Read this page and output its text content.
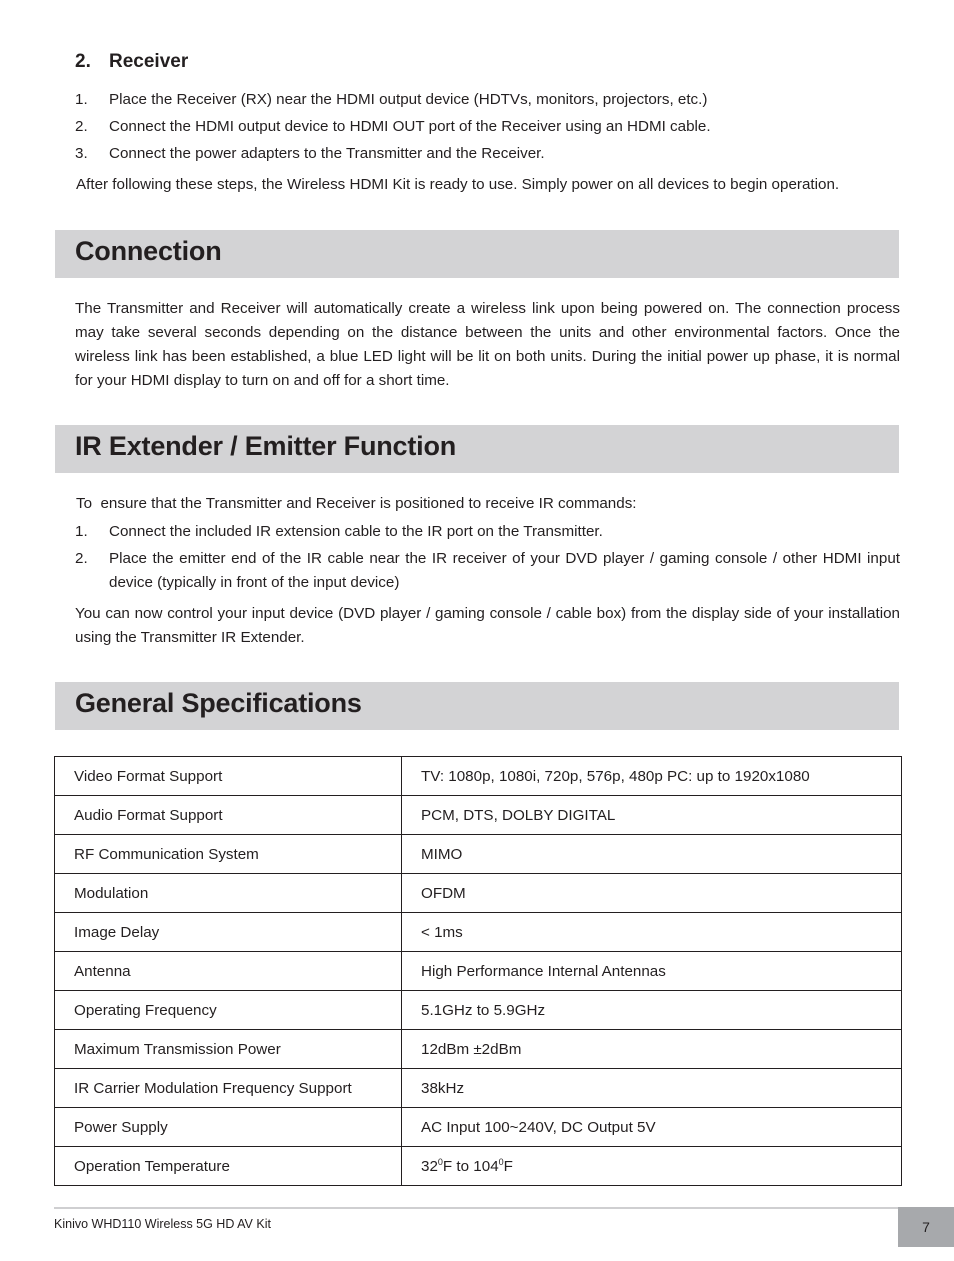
2. Receiver
1. Place the Receiver (RX) near the HDMI output device (HDTVs, monitors, projectors, etc.)
2. Connect the HDMI output device to HDMI OUT port of the Receiver using an HDMI cable.
3. Connect the power adapters to the Transmitter and the Receiver.
After following these steps, the Wireless HDMI Kit is ready to use. Simply power on all devices to begin operation.
Connection
The Transmitter and Receiver will automatically create a wireless link upon being powered on. The connection process may take several seconds depending on the distance between the units and other environmental factors. Once the wireless link has been established, a blue LED light will be lit on both units. During the initial power up phase, it is normal for your HDMI display to turn on and off for a short time.
IR Extender / Emitter Function
To  ensure that the Transmitter and Receiver is positioned to receive IR commands:
1. Connect the included IR extension cable to the IR port on the Transmitter.
2. Place the emitter end of the IR cable near the IR receiver of your DVD player / gaming console / other HDMI input device (typically in front of the input device)
You can now control your input device (DVD player / gaming console / cable box) from the display side of your installation using the Transmitter IR Extender.
General Specifications
Video Format Support	TV: 1080p, 1080i, 720p, 576p, 480p PC: up to 1920x1080
Audio Format Support	PCM, DTS, DOLBY DIGITAL
RF Communication System	MIMO
Modulation	OFDM
Image Delay	< 1ms
Antenna	High Performance Internal Antennas
Operating Frequency	5.1GHz to 5.9GHz
Maximum Transmission Power	12dBm ±2dBm
IR Carrier Modulation Frequency Support	38kHz
Power Supply	AC Input 100~240V, DC Output 5V
Operation Temperature	$32^0F$ to $104^0F$
Kinivo WHD110 Wireless 5G HD AV Kit	7
